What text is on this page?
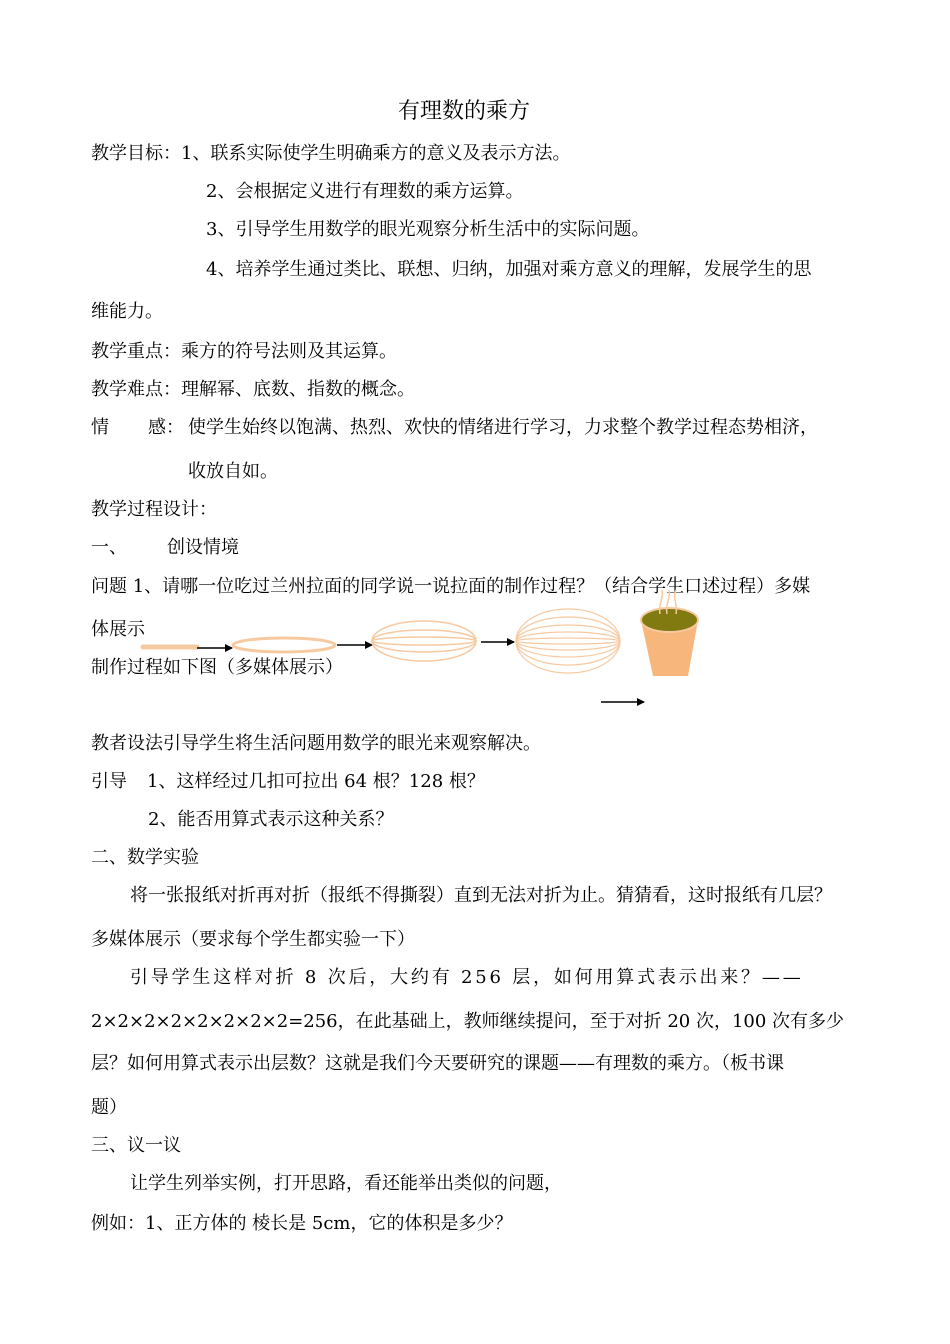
有理数的乘方
教学目标：1、联系实际使学生明确乘方的意义及表示方法。
2、会根据定义进行有理数的乘方运算。
3、引导学生用数学的眼光观察分析生活中的实际问题。
4、培养学生通过类比、联想、归纳，加强对乘方意义的理解，发展学生的思
维能力。
教学重点：乘方的符号法则及其运算。
教学难点：理解幂、底数、指数的概念。
情 感： 使学生始终以饱满、热烈、欢快的情绪进行学习，力求整个教学过程态势相济，
收放自如。
教学过程设计：
一、 创设情境
问题 1、请哪一位吃过兰州拉面的同学说一说拉面的制作过程？（结合学生口述过程）多媒
体展示
制作过程如下图（多媒体展示）
教者设法引导学生将生活问题用数学的眼光来观察解决。
引导 1、这样经过几扣可拉出 64 根？128 根？
2、能否用算式表示这种关系？
二、数学实验
将一张报纸对折再对折（报纸不得撕裂）直到无法对折为止。猜猜看，这时报纸有几层？
多媒体展示（要求每个学生都实验一下）
引导学生这样对折 8 次后，大约有 256 层，如何用算式表示出来？——
2×2×2×2×2×2×2×2=256，在此基础上，教师继续提问，至于对折 20 次，100 次有多少
层？如何用算式表示出层数？这就是我们今天要研究的课题——有理数的乘方。（板书课
题）
三、议一议
让学生列举实例，打开思路，看还能举出类似的问题，
例如：1、正方体的 棱长是 5cm，它的体积是多少？
